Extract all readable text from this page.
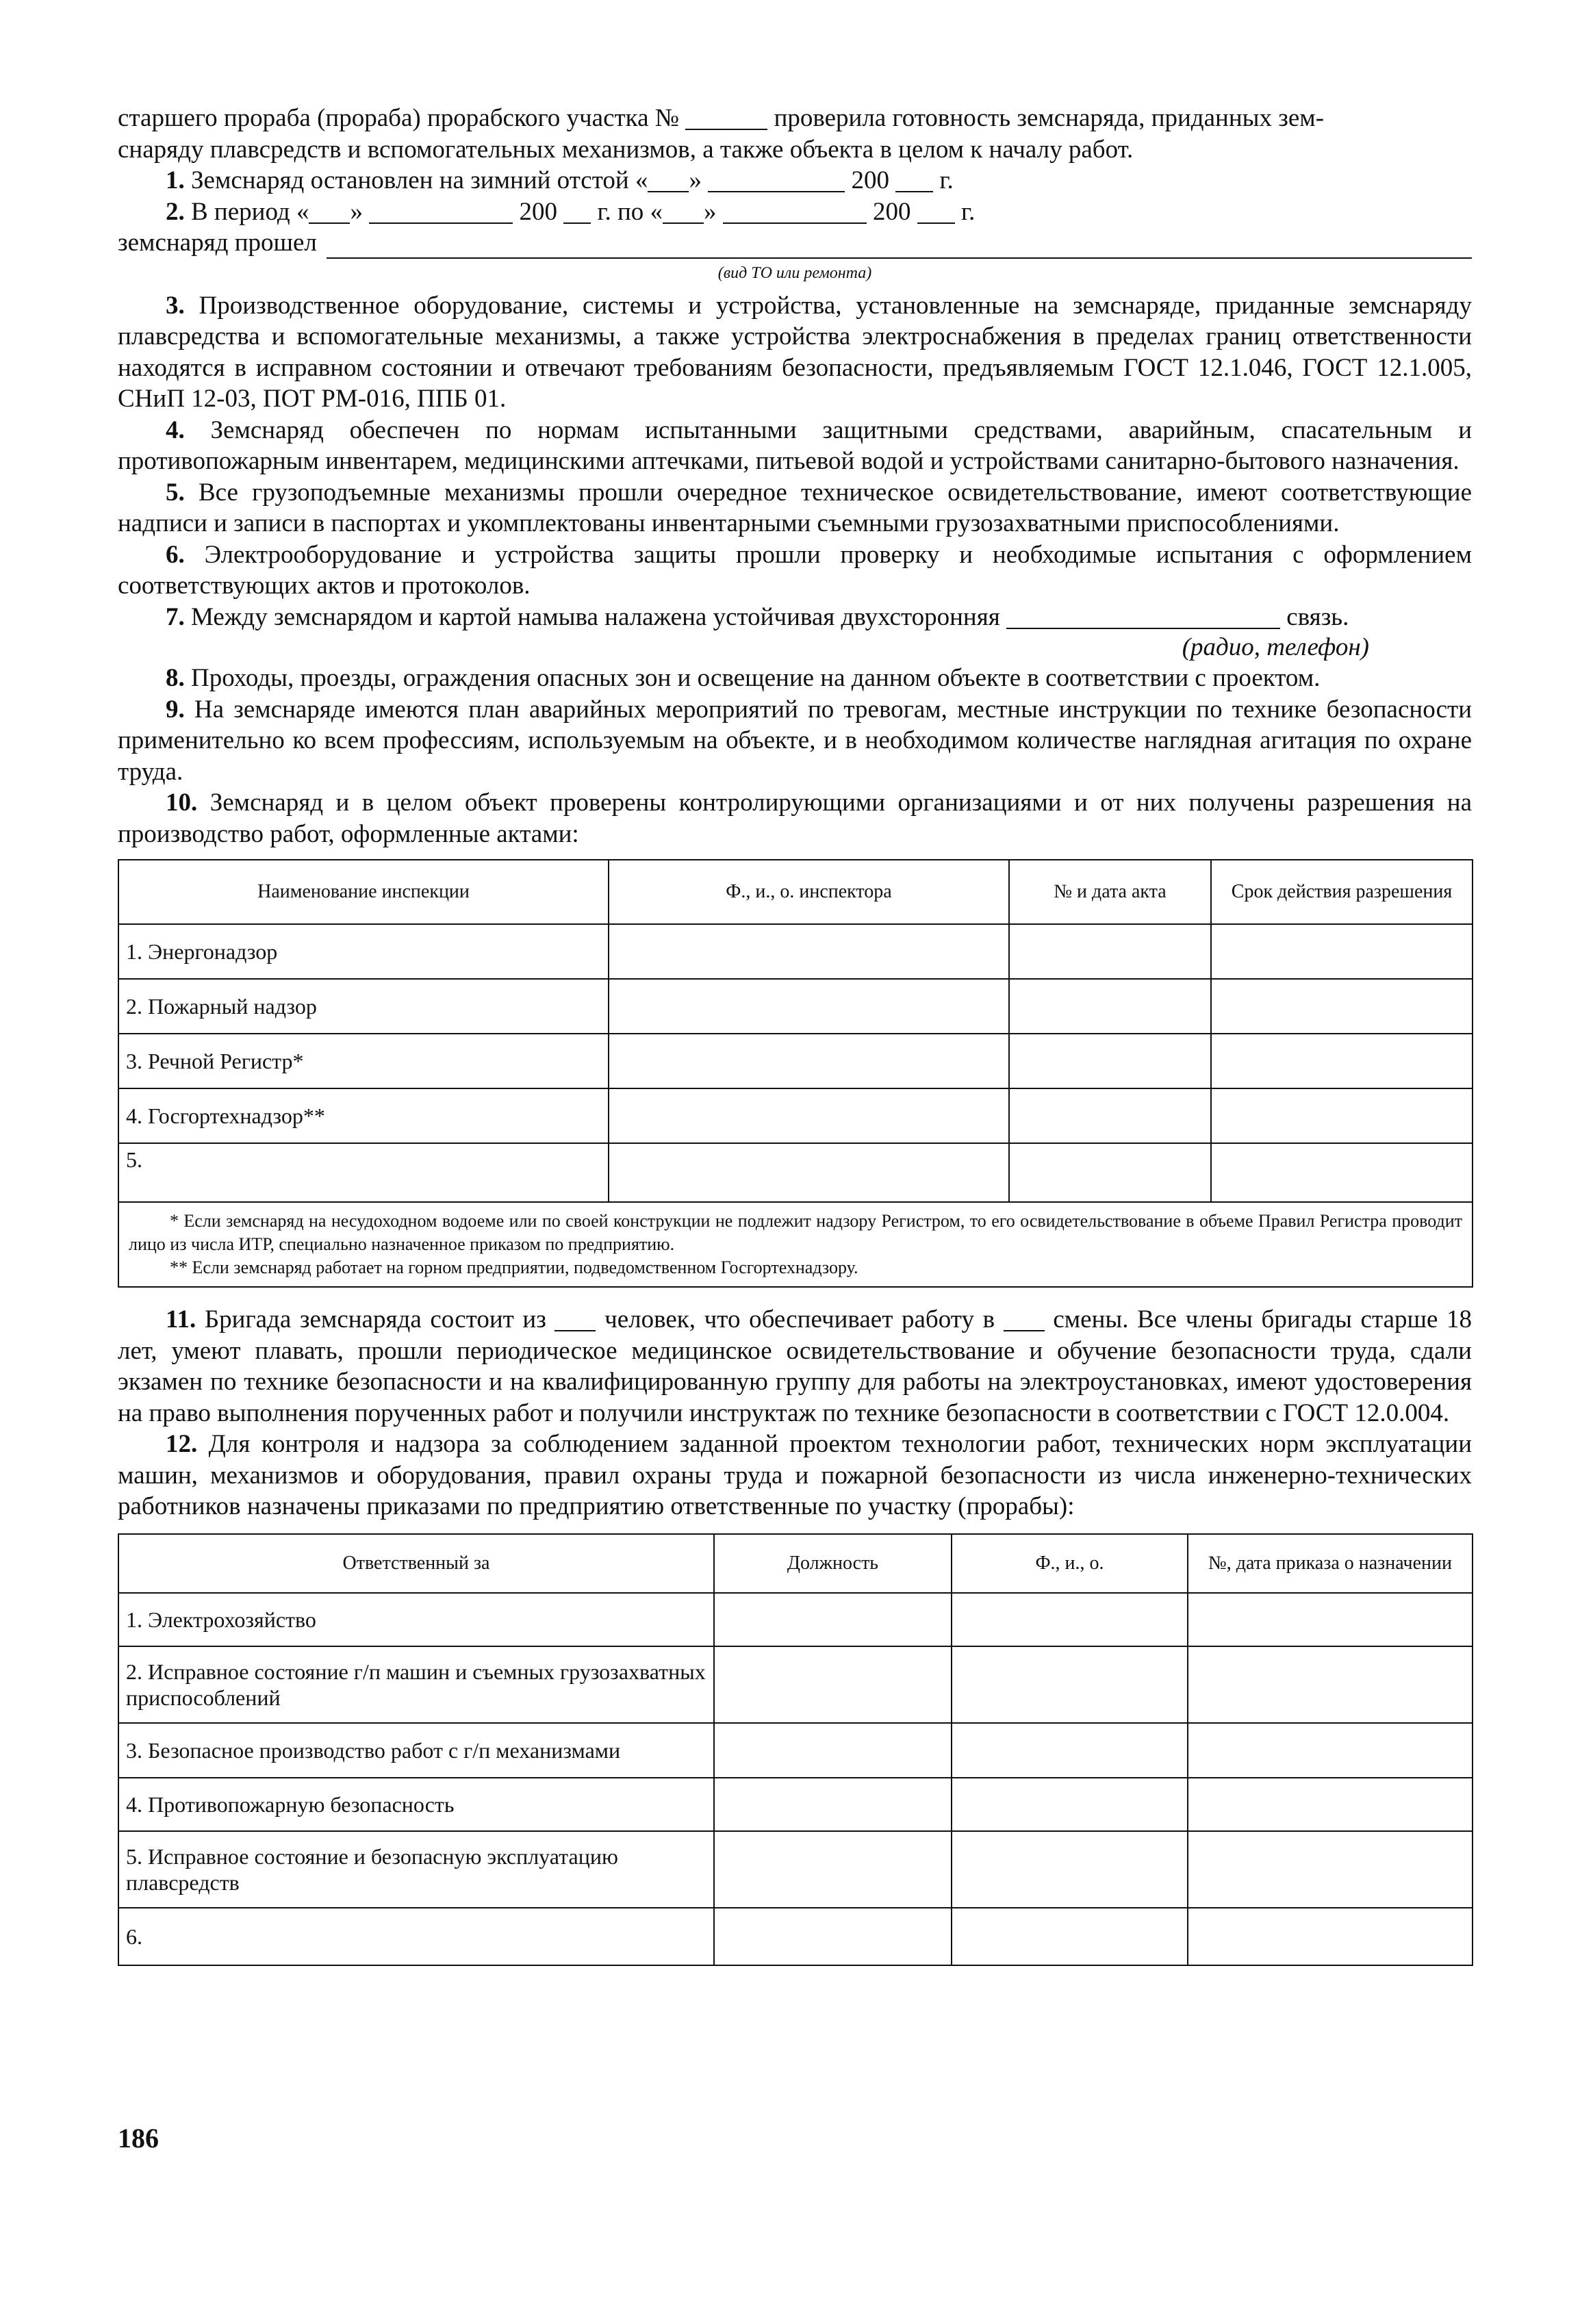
старшего прораба (прораба) прорабского участка №	проверила готовность земснаряда, приданных зем-

снаряду плавсредств и вспомогательных механизмов, а также объекта в целом к началу работ.

1. Земснаряд остановлен на зимний отстой « »	200 г.

2. В период « »	200 г. по « »	200 г.

земснаряд прошел
(вид ТО или ремонта)

3. Производственное оборудование, системы и устройства, установленные на земснаряде, приданные земснаряду плавсредства и вспомогательные механизмы, а также устройства электроснабжения в пределах границ ответственности находятся в исправном состоянии и отвечают требованиям безопасности, предъявляемым ГОСТ 12.1.046, ГОСТ 12.1.005, СНиП 12-03, ПОТ РМ-016, ППБ 01.

4. Земснаряд обеспечен по нормам испытанными защитными средствами, аварийным, спасательным и противопожарным инвентарем, медицинскими аптечками, питьевой водой и устройствами санитарно-бытового назначения.

5. Все грузоподъемные механизмы прошли очередное техническое освидетельствование, имеют соответствующие надписи и записи в паспортах и укомплектованы инвентарными съемными грузозахватными приспособлениями.

6. Электрооборудование и устройства защиты прошли проверку и необходимые испытания с оформлением соответствующих актов и протоколов.

7. Между земснарядом и картой намыва налажена устойчивая двухсторонняя	связь.

(радио, телефон)

8. Проходы, проезды, ограждения опасных зон и освещение на данном объекте в соответствии с проектом.

9. На земснаряде имеются план аварийных мероприятий по тревогам, местные инструкции по технике безопасности применительно ко всем профессиям, используемым на объекте, и в необходимом количестве наглядная агитация по охране труда.

10. Земснаряд и в целом объект проверены контролирующими организациями и от них получены разрешения на производство работ, оформленные актами:

Наименование инспекции	Ф., и., о. инспектора	№ и дата акта	Срок действия разрешения
1. Энергонадзор			
2. Пожарный надзор			
3. Речной Регистр*			
4. Госгортехнадзор**			
5.			

* Если земснаряд на несудоходном водоеме или по своей конструкции не подлежит надзору Регистром, то его освидетельствование в объеме Правил Регистра проводит лицо из числа ИТР, специально назначенное приказом по предприятию.
** Если земснаряд работает на горном предприятии, подведомственном Госгортехнадзору.			

11. Бригада земснаряда состоит из человек, что обеспечивает работу в смены. Все члены бригады старше 18 лет, умеют плавать, прошли периодическое медицинское освидетельствование и обучение безопасности труда, сдали экзамен по технике безопасности и на квалифицированную группу для работы на электроустановках, имеют удостоверения на право выполнения порученных работ и получили инструктаж по технике безопасности в соответствии с ГОСТ 12.0.004.

12. Для контроля и надзора за соблюдением заданной проектом технологии работ, технических норм эксплуатации машин, механизмов и оборудования, правил охраны труда и пожарной безопасности из числа инженерно-технических работников назначены приказами по предприятию ответственные по участку (прорабы):

Ответственный за	Должность	Ф., и., о.	№, дата приказа о назначении
1. Электрохозяйство			
2. Исправное состояние г/п машин и съемных грузозахватных приспособлений			
3. Безопасное производство работ с г/п механизмами			
4. Противопожарную безопасность			
5. Исправное состояние и безопасную эксплуатацию плавсредств			
6.			
186
